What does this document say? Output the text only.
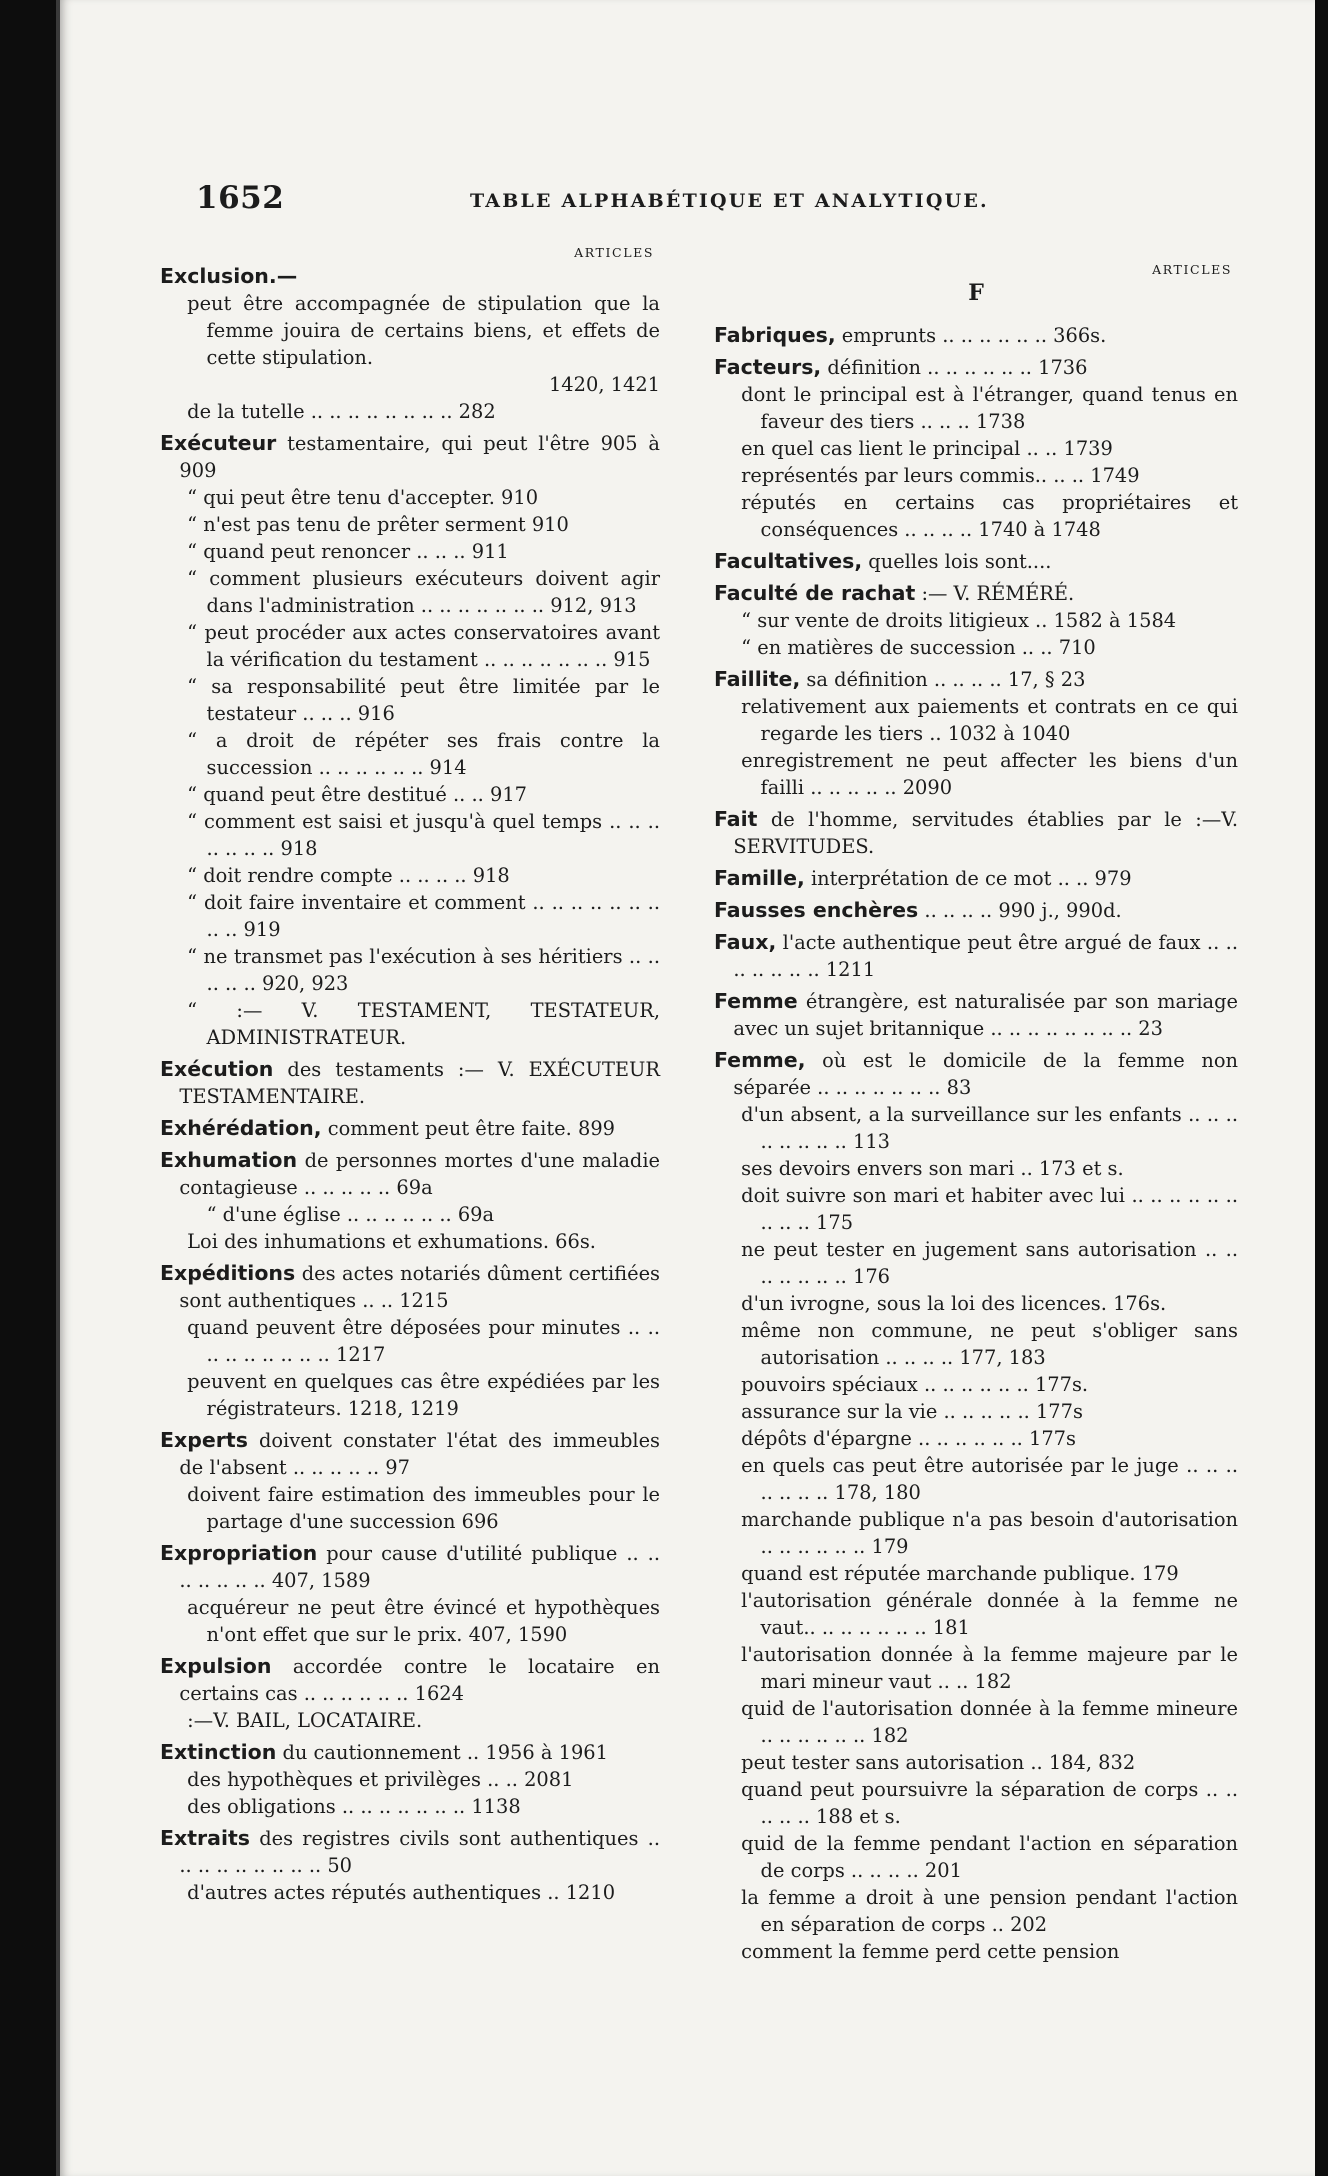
1652	TABLE ALPHABÉTIQUE ET ANALYTIQUE.
ARTICLES

Exclusion.—

peut être accompagnée de stipulation que la femme jouira de certains biens, et effets de cette stipulation.

1420, 1421

de la tutelle .. .. .. .. .. .. .. .. 282

Exécuteur testamentaire, qui peut l'être 905 à 909

“ qui peut être tenu d'accepter. 910

“ n'est pas tenu de prêter serment 910

“ quand peut renoncer .. .. .. 911

“ comment plusieurs exécuteurs doivent agir dans l'administration .. .. .. .. .. .. .. 912, 913

“ peut procéder aux actes conservatoires avant la vérification du testament .. .. .. .. .. .. .. 915

“ sa responsabilité peut être limitée par le testateur .. .. .. 916

“ a droit de répéter ses frais contre la succession .. .. .. .. .. .. 914

“ quand peut être destitué .. .. 917

“ comment est saisi et jusqu'à quel temps .. .. .. .. .. .. .. 918

“ doit rendre compte .. .. .. .. 918

“ doit faire inventaire et comment .. .. .. .. .. .. .. .. .. 919

“ ne transmet pas l'exécution à ses héritiers .. .. .. .. .. 920, 923

“ :— V. TESTAMENT, TESTATEUR, ADMINISTRATEUR.

Exécution des testaments :— V. EXÉCUTEUR TESTAMENTAIRE.

Exhérédation, comment peut être faite. 899

Exhumation de personnes mortes d'une maladie contagieuse .. .. .. .. .. 69a

“ d'une église .. .. .. .. .. .. 69a

Loi des inhumations et exhumations. 66s.

Expéditions des actes notariés dûment certifiées sont authentiques .. .. 1215

quand peuvent être déposées pour minutes .. .. .. .. .. .. .. .. .. 1217

peuvent en quelques cas être expédiées par les régistrateurs. 1218, 1219

Experts doivent constater l'état des immeubles de l'absent .. .. .. .. .. 97

doivent faire estimation des immeubles pour le partage d'une succession 696

Expropriation pour cause d'utilité publique .. .. .. .. .. .. .. 407, 1589

acquéreur ne peut être évincé et hypothèques n'ont effet que sur le prix. 407, 1590

Expulsion accordée contre le locataire en certains cas .. .. .. .. .. .. 1624

:—V. BAIL, LOCATAIRE.

Extinction du cautionnement .. 1956 à 1961

des hypothèques et privilèges .. .. 2081

des obligations .. .. .. .. .. .. .. 1138

Extraits des registres civils sont authentiques .. .. .. .. .. .. .. .. .. 50

d'autres actes réputés authentiques .. 1210

ARTICLES
F

Fabriques, emprunts .. .. .. .. .. .. 366s.

Facteurs, définition .. .. .. .. .. .. 1736

dont le principal est à l'étranger, quand tenus en faveur des tiers .. .. .. 1738

en quel cas lient le principal .. .. 1739

représentés par leurs commis.. .. .. 1749

réputés en certains cas propriétaires et conséquences .. .. .. .. 1740 à 1748

Facultatives, quelles lois sont....

Faculté de rachat :— V. RÉMÉRÉ.

“ sur vente de droits litigieux .. 1582 à 1584

“ en matières de succession .. .. 710

Faillite, sa définition .. .. .. .. 17, § 23

relativement aux paiements et contrats en ce qui regarde les tiers .. 1032 à 1040

enregistrement ne peut affecter les biens d'un failli .. .. .. .. .. 2090

Fait de l'homme, servitudes établies par le :—V. SERVITUDES.

Famille, interprétation de ce mot .. .. 979

Fausses enchères .. .. .. .. 990 j., 990d.

Faux, l'acte authentique peut être argué de faux .. .. .. .. .. .. .. 1211

Femme étrangère, est naturalisée par son mariage avec un sujet britannique .. .. .. .. .. .. .. .. 23

Femme, où est le domicile de la femme non séparée .. .. .. .. .. .. .. 83

d'un absent, a la surveillance sur les enfants .. .. .. .. .. .. .. .. 113

ses devoirs envers son mari .. 173 et s.

doit suivre son mari et habiter avec lui .. .. .. .. .. .. .. .. .. 175

ne peut tester en jugement sans autorisation .. .. .. .. .. .. .. 176

d'un ivrogne, sous la loi des licences. 176s.

même non commune, ne peut s'obliger sans autorisation .. .. .. .. 177, 183

pouvoirs spéciaux .. .. .. .. .. .. 177s.

assurance sur la vie .. .. .. .. .. 177s

dépôts d'épargne .. .. .. .. .. .. 177s

en quels cas peut être autorisée par le juge .. .. .. .. .. .. .. 178, 180

marchande publique n'a pas besoin d'autorisation .. .. .. .. .. .. 179

quand est réputée marchande publique. 179

l'autorisation générale donnée à la femme ne vaut.. .. .. .. .. .. .. 181

l'autorisation donnée à la femme majeure par le mari mineur vaut .. .. 182

quid de l'autorisation donnée à la femme mineure .. .. .. .. .. .. 182

peut tester sans autorisation .. 184, 832

quand peut poursuivre la séparation de corps .. .. .. .. .. 188 et s.

quid de la femme pendant l'action en séparation de corps .. .. .. .. 201

la femme a droit à une pension pendant l'action en séparation de corps .. 202

comment la femme perd cette pension
